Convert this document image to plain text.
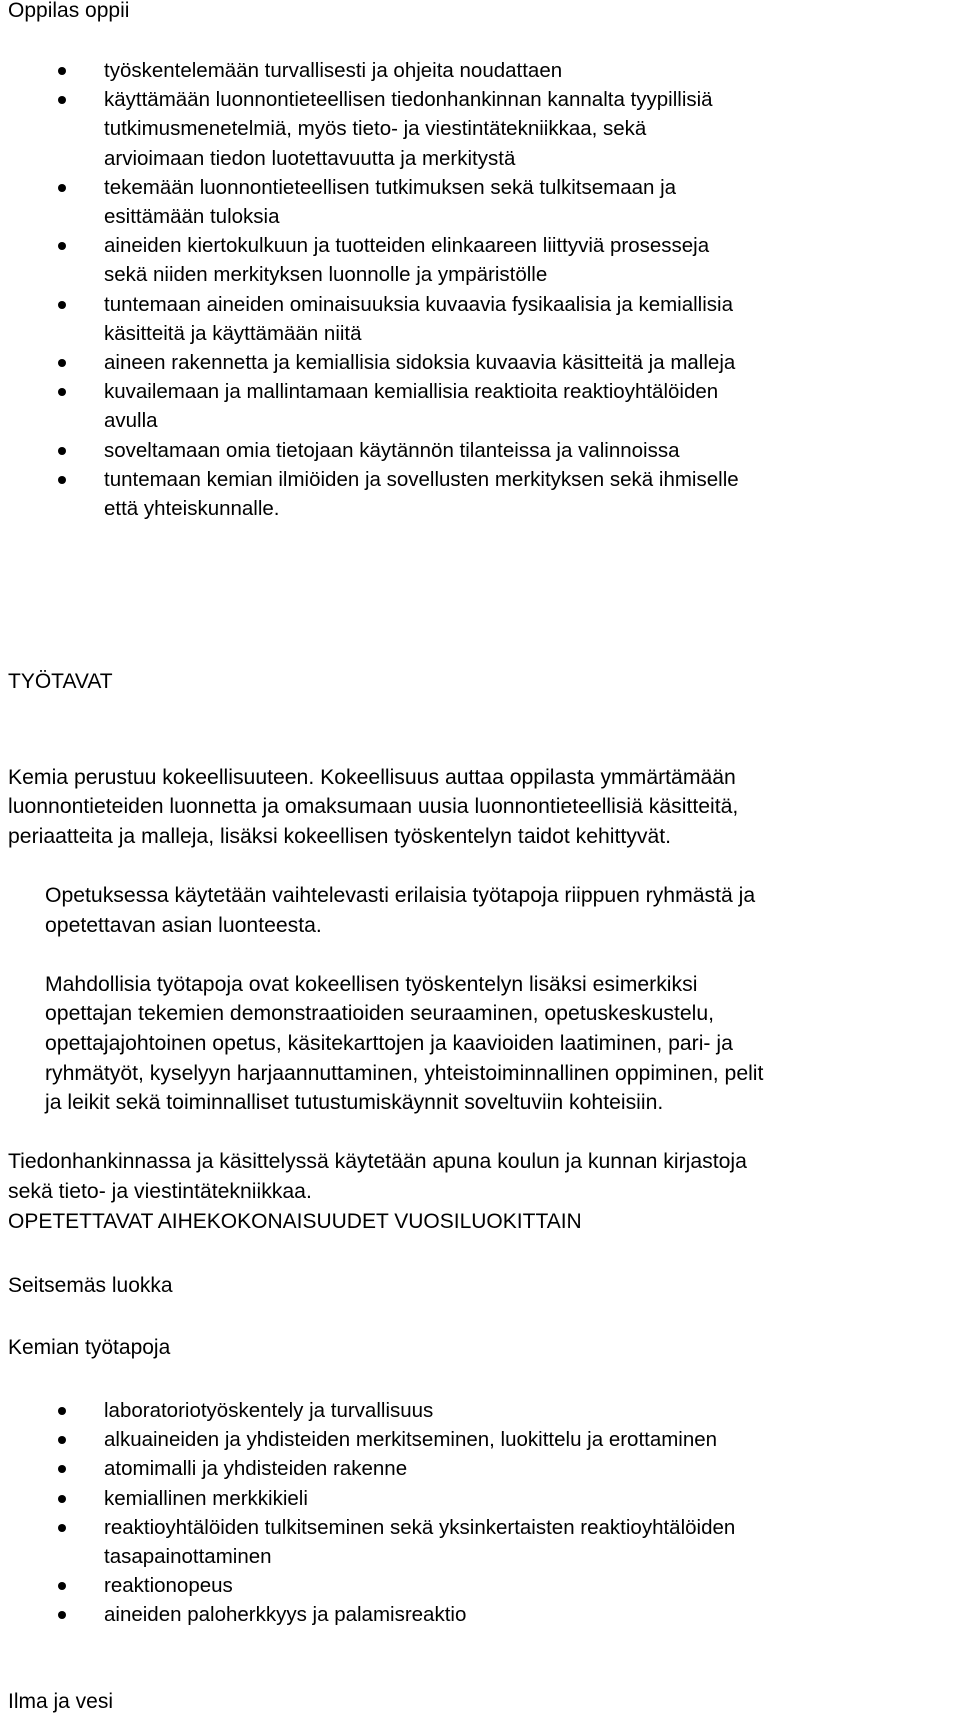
Oppilas oppii
työskentelemään turvallisesti ja ohjeita noudattaen
käyttämään luonnontieteellisen tiedonhankinnan kannalta tyypillisiä
tutkimusmenetelmiä, myös tieto- ja viestintätekniikkaa, sekä
arvioimaan tiedon luotettavuutta ja merkitystä
tekemään luonnontieteellisen tutkimuksen sekä tulkitsemaan ja
esittämään tuloksia
aineiden kiertokulkuun ja tuotteiden elinkaareen liittyviä prosesseja
sekä niiden merkityksen luonnolle ja ympäristölle
tuntemaan aineiden ominaisuuksia kuvaavia fysikaalisia ja kemiallisia
käsitteitä ja käyttämään niitä
aineen rakennetta ja kemiallisia sidoksia kuvaavia käsitteitä ja malleja
kuvailemaan ja mallintamaan kemiallisia reaktioita reaktioyhtälöiden
avulla
soveltamaan omia tietojaan käytännön tilanteissa ja valinnoissa
tuntemaan kemian ilmiöiden ja sovellusten merkityksen sekä ihmiselle
että yhteiskunnalle.
TYÖTAVAT

Kemia perustuu kokeellisuuteen. Kokeellisuus auttaa oppilasta ymmärtämään
luonnontieteiden luonnetta ja omaksumaan uusia luonnontieteellisiä käsitteitä,
periaatteita ja malleja, lisäksi kokeellisen työskentelyn taidot kehittyvät.

Opetuksessa käytetään vaihtelevasti erilaisia työtapoja riippuen ryhmästä ja
opetettavan asian luonteesta.

Mahdollisia työtapoja ovat kokeellisen työskentelyn lisäksi esimerkiksi
opettajan tekemien demonstraatioiden seuraaminen, opetuskeskustelu,
opettajajohtoinen opetus, käsitekarttojen ja kaavioiden laatiminen, pari- ja
ryhmätyöt, kyselyyn harjaannuttaminen, yhteistoiminnallinen oppiminen, pelit
ja leikit sekä toiminnalliset tutustumiskäynnit soveltuviin kohteisiin.

Tiedonhankinnassa ja käsittelyssä käytetään apuna koulun ja kunnan kirjastoja
sekä tieto- ja viestintätekniikkaa.

OPETETTAVAT AIHEKOKONAISUUDET VUOSILUOKITTAIN
Seitsemäs luokka
Kemian työtapoja
laboratoriotyöskentely ja turvallisuus
alkuaineiden ja yhdisteiden merkitseminen, luokittelu ja erottaminen
atomimalli ja yhdisteiden rakenne
kemiallinen merkkikieli
reaktioyhtälöiden tulkitseminen sekä yksinkertaisten reaktioyhtälöiden
tasapainottaminen
reaktionopeus
aineiden paloherkkyys ja palamisreaktio
Ilma ja vesi
